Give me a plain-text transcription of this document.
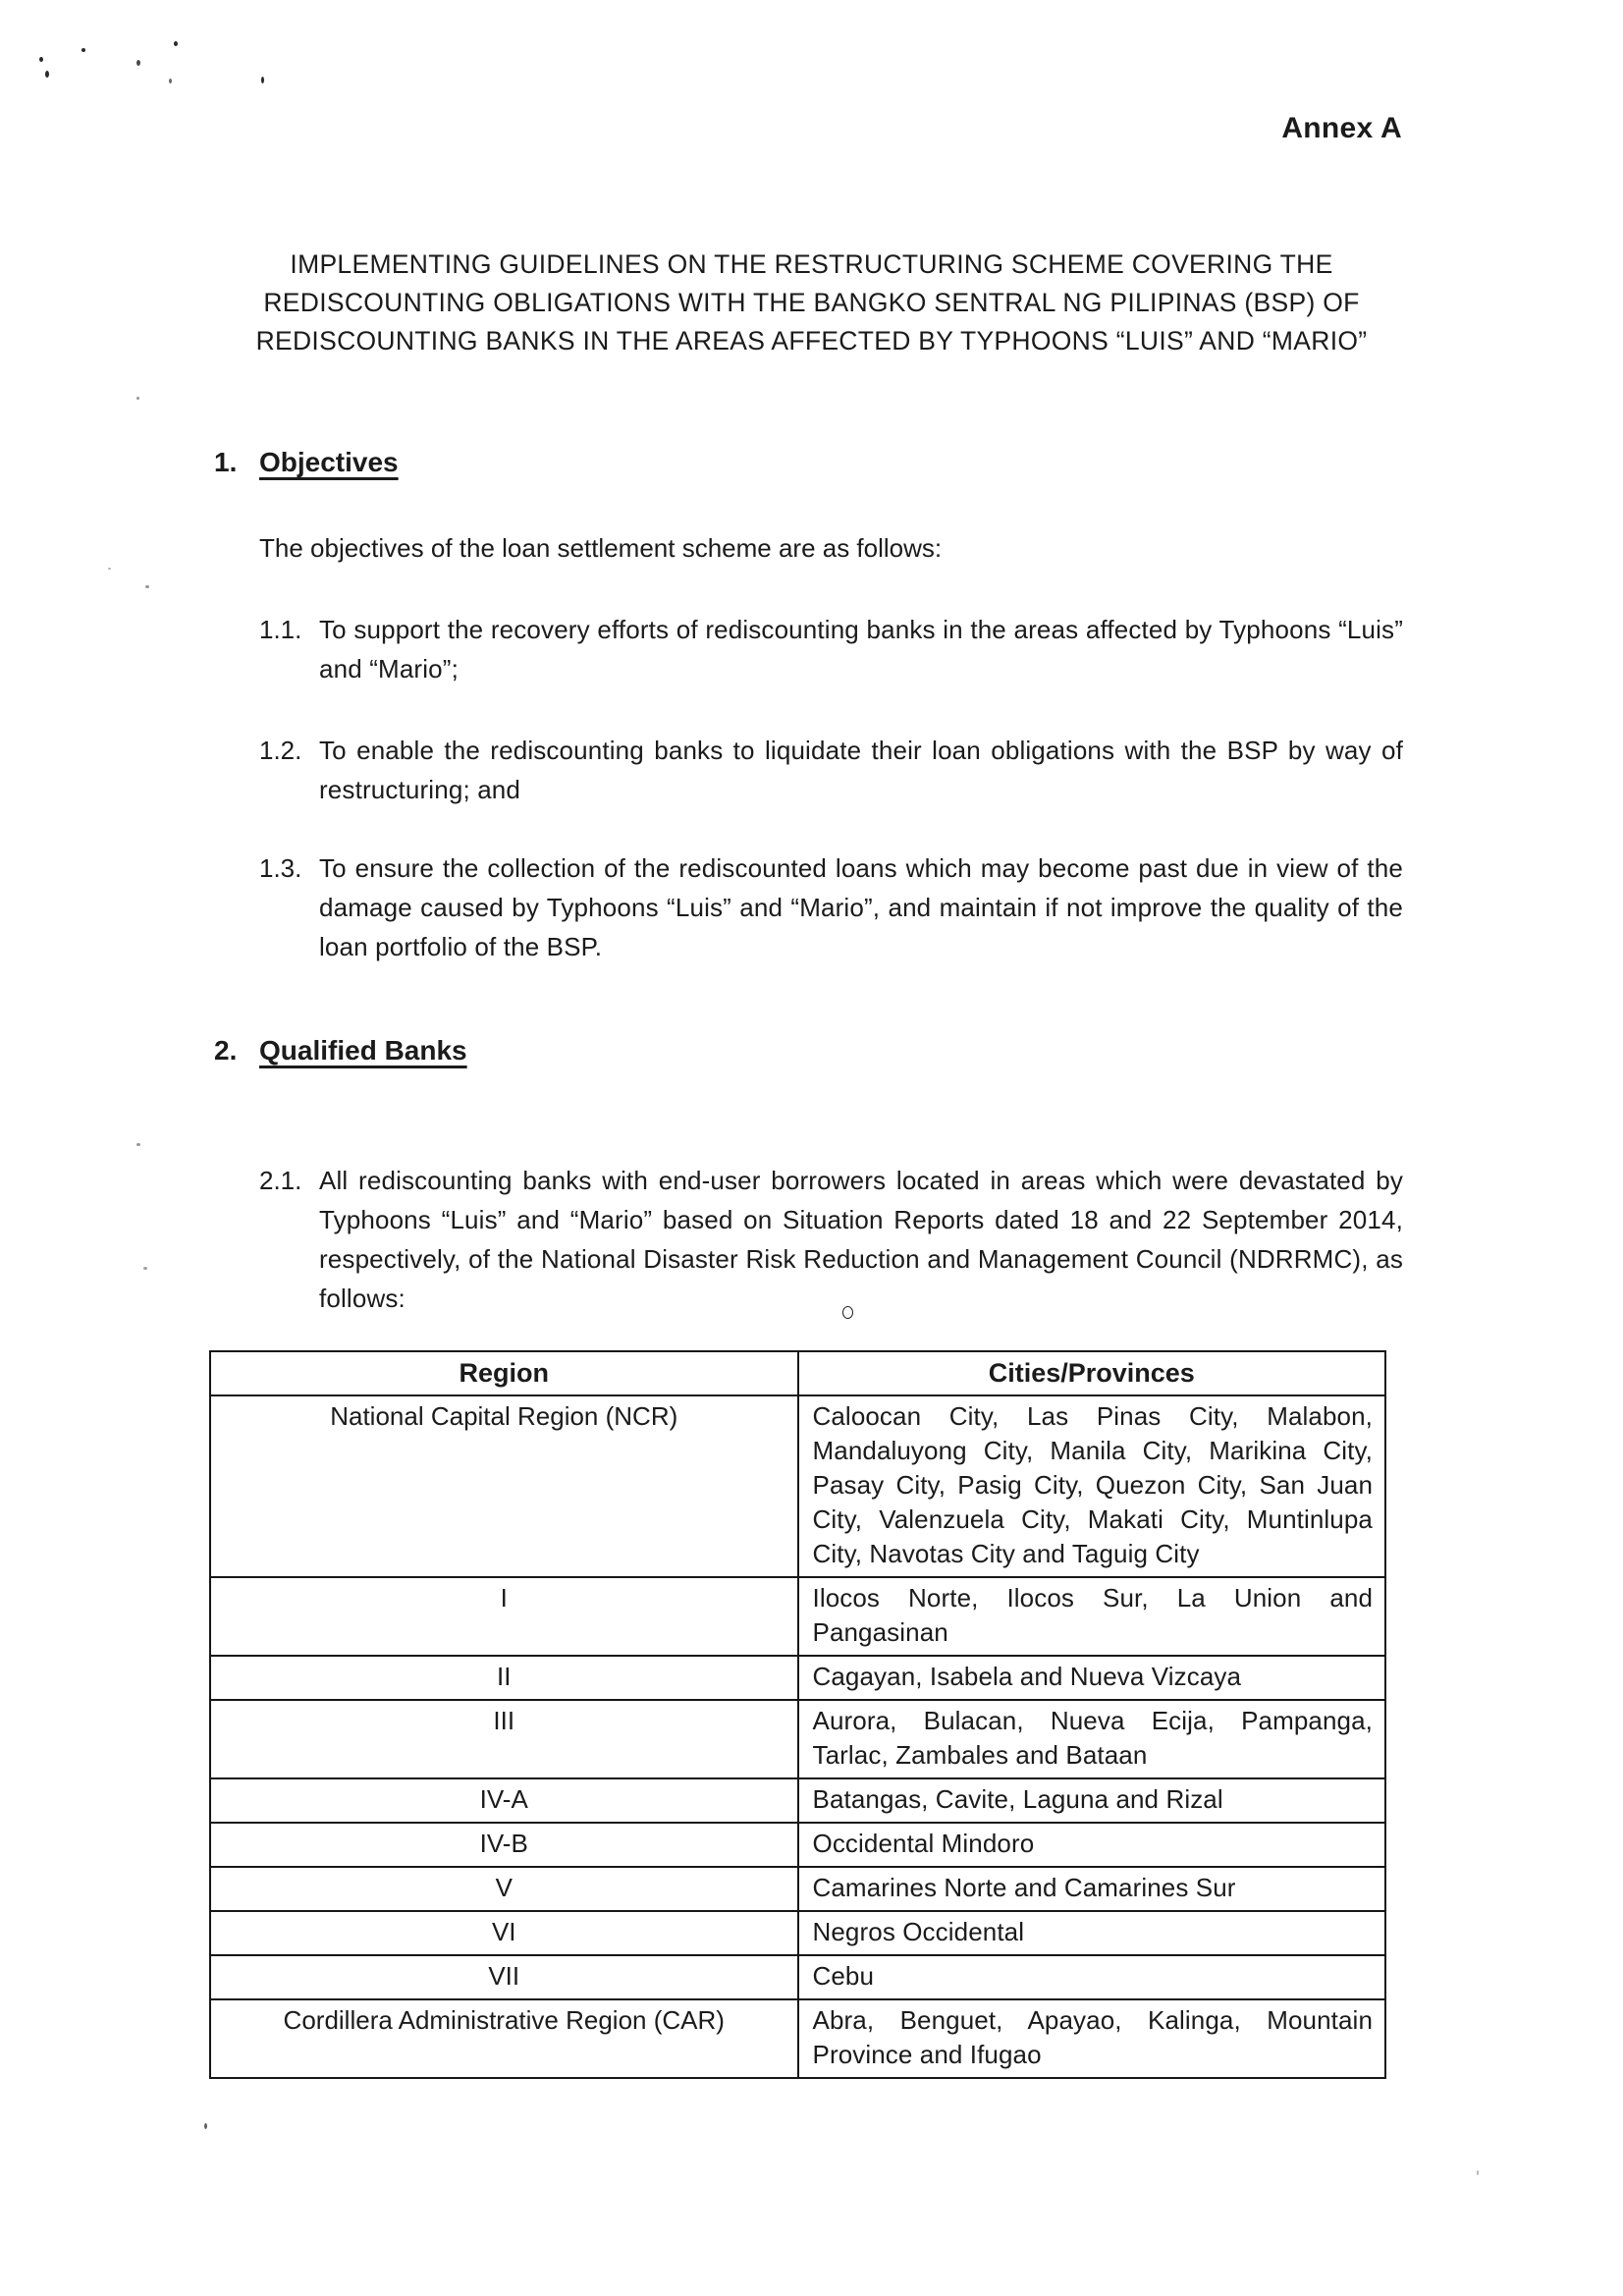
Annex A
IMPLEMENTING GUIDELINES ON THE RESTRUCTURING SCHEME COVERING THE
REDISCOUNTING OBLIGATIONS WITH THE BANGKO SENTRAL NG PILIPINAS (BSP) OF
REDISCOUNTING BANKS IN THE AREAS AFFECTED BY TYPHOONS “LUIS” AND “MARIO”
1. Objectives
The objectives of the loan settlement scheme are as follows:
1.1. To support the recovery efforts of rediscounting banks in the areas affected by Typhoons “Luis” and “Mario”;
1.2. To enable the rediscounting banks to liquidate their loan obligations with the BSP by way of restructuring; and
1.3. To ensure the collection of the rediscounted loans which may become past due in view of the damage caused by Typhoons “Luis” and “Mario”, and maintain if not improve the quality of the loan portfolio of the BSP.
2. Qualified Banks
2.1. All rediscounting banks with end-user borrowers located in areas which were devastated by Typhoons “Luis” and “Mario” based on Situation Reports dated 18 and 22 September 2014, respectively, of the National Disaster Risk Reduction and Management Council (NDRRMC), as follows:
Region	Cities/Provinces
National Capital Region (NCR)	Caloocan City, Las Pinas City, Malabon, Mandaluyong City, Manila City, Marikina City, Pasay City, Pasig City, Quezon City, San Juan City, Valenzuela City, Makati City, Muntinlupa City, Navotas City and Taguig City
I	Ilocos Norte, Ilocos Sur, La Union and Pangasinan
II	Cagayan, Isabela and Nueva Vizcaya
III	Aurora, Bulacan, Nueva Ecija, Pampanga, Tarlac, Zambales and Bataan
IV-A	Batangas, Cavite, Laguna and Rizal
IV-B	Occidental Mindoro
V	Camarines Norte and Camarines Sur
VI	Negros Occidental
VII	Cebu
Cordillera Administrative Region (CAR)	Abra, Benguet, Apayao, Kalinga, Mountain Province and Ifugao
